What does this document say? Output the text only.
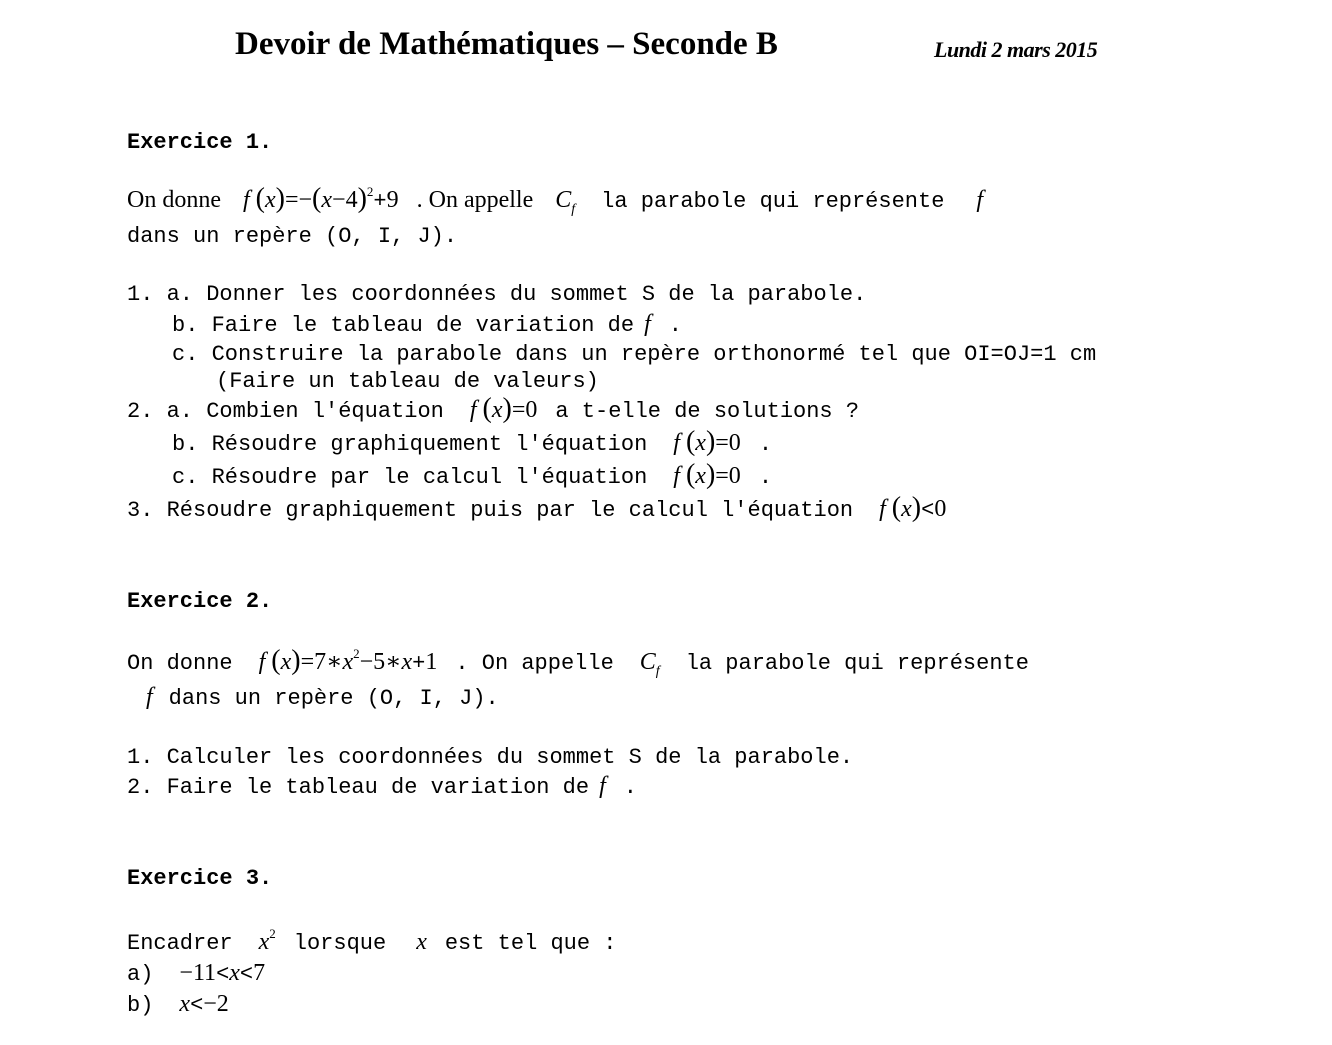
Devoir de Mathématiques – Seconde B	Lundi 2 mars 2015
Exercice 1.
On donne f $(x)=-(x-4)^2+9$ . On appelle $C_f$ la parabole qui représente f
dans un repère (O, I, J).
1. a. Donner les coordonnées du sommet S de la parabole.
b. Faire le tableau de variation de f .
c. Construire la parabole dans un repère orthonormé tel que OI=OJ=1 cm
(Faire un tableau de valeurs)
2. a. Combien l'équation f (x)=0 a t-elle de solutions ?
b. Résoudre graphiquement l'équation f (x)=0 .
c. Résoudre par le calcul l'équation f (x)=0 .
3. Résoudre graphiquement puis par le calcul l'équation f (x)<0
Exercice 2.
On donne f $(x)=7∗x^2-5∗x+1$ . On appelle $C_f$ la parabole qui représente
f dans un repère (O, I, J).
1. Calculer les coordonnées du sommet S de la parabole.
2. Faire le tableau de variation de f .
Exercice 3.
Encadrer $x^2$ lorsque x est tel que :
a) −11<x<7
b) x<−2
